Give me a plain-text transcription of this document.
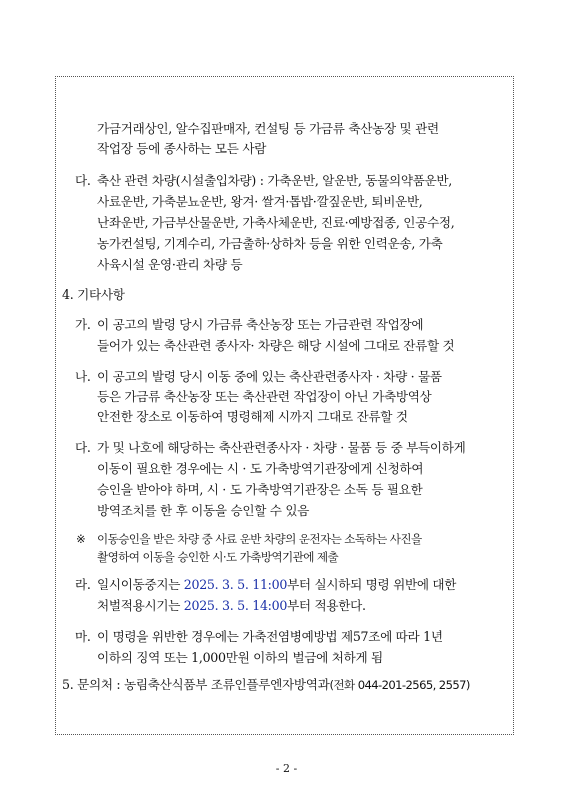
가금거래상인, 알수집판매자, 컨설팅 등 가금류 축산농장 및 관련
작업장 등에 종사하는 모든 사람
다. 축산 관련 차량(시설출입차량) : 가축운반, 알운반, 동물의약품운반,
사료운반, 가축분뇨운반, 왕겨· 쌀겨·톱밥·깔짚운반, 퇴비운반,
난좌운반, 가금부산물운반, 가축사체운반, 진료·예방접종, 인공수정,
농가컨설팅, 기계수리, 가금출하·상하차 등을 위한 인력운송, 가축
사육시설 운영·관리 차량 등
4. 기타사항
가. 이 공고의 발령 당시 가금류 축산농장 또는 가금관련 작업장에
들어가 있는 축산관련 종사자· 차량은 해당 시설에 그대로 잔류할 것
나. 이 공고의 발령 당시 이동 중에 있는 축산관련종사자 · 차량 · 물품
등은 가금류 축산농장 또는 축산관련 작업장이 아닌 가축방역상
안전한 장소로 이동하여 명령해제 시까지 그대로 잔류할 것
다. 가 및 나호에 해당하는 축산관련종사자 · 차량 · 물품 등 중 부득이하게
이동이 필요한 경우에는 시 · 도 가축방역기관장에게 신청하여
승인을 받아야 하며, 시 · 도 가축방역기관장은 소독 등 필요한
방역조치를 한 후 이동을 승인할 수 있음
※ 이동승인을 받은 차량 중 사료 운반 차량의 운전자는 소독하는 사진을
촬영하여 이동을 승인한 시·도 가축방역기관에 제출
라. 일시이동중지는 2025. 3. 5. 11:00부터 실시하되 명령 위반에 대한
처벌적용시기는 2025. 3. 5. 14:00부터 적용한다.
마. 이 명령을 위반한 경우에는 가축전염병예방법 제57조에 따라 1년
이하의 징역 또는 1,000만원 이하의 벌금에 처하게 됨
5. 문의처 : 농림축산식품부 조류인플루엔자방역과(전화 044-201-2565, 2557)
- 2 -
